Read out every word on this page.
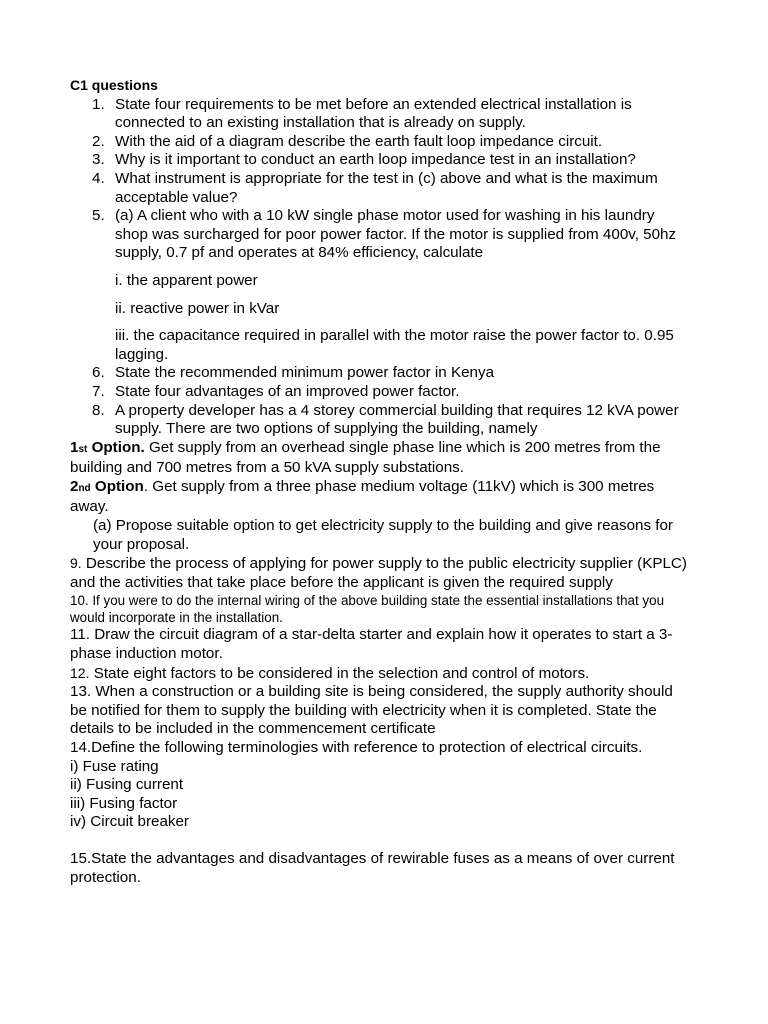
C1 questions
1. State four requirements to be met before an extended electrical installation is connected to an existing installation that is already on supply.
2. With the aid of a diagram describe the earth fault loop impedance circuit.
3. Why is it important to conduct an earth loop impedance test in an installation?
4. What instrument is appropriate for the test in (c) above and what is the maximum acceptable value?
5. (a) A client who with a 10 kW single phase motor used for washing in his laundry shop was surcharged for poor power factor. If the motor is supplied from 400v, 50hz supply, 0.7 pf and operates at 84% efficiency, calculate
i. the apparent power
ii. reactive power in kVar
iii. the capacitance required in parallel with the motor raise the power factor to. 0.95 lagging.
6. State the recommended minimum power factor in Kenya
7. State four advantages of an improved power factor.
8. A property developer has a 4 storey commercial building that requires 12 kVA power supply. There are two options of supplying the building, namely

1st Option. Get supply from an overhead single phase line which is 200 metres from the building and 700 metres from a 50 kVA supply substations.

2nd Option. Get supply from a three phase medium voltage (11kV) which is 300 metres away.

(a) Propose suitable option to get electricity supply to the building and give reasons for your proposal.

9. Describe the process of applying for power supply to the public electricity supplier (KPLC) and the activities that take place before the applicant is given the required supply

10. If you were to do the internal wiring of the above building state the essential installations that you would incorporate in the installation.

11. Draw the circuit diagram of a star-delta starter and explain how it operates to start a 3-phase induction motor.

12. State eight factors to be considered in the selection and control of motors.

13. When a construction or a building site is being considered, the supply authority should be notified for them to supply the building with electricity when it is completed. State the details to be included in the commencement certificate

14.Define the following terminologies with reference to protection of electrical circuits.

i) Fuse rating
ii) Fusing current
iii) Fusing factor
iv) Circuit breaker

15.State the advantages and disadvantages of rewirable fuses as a means of over current protection.
